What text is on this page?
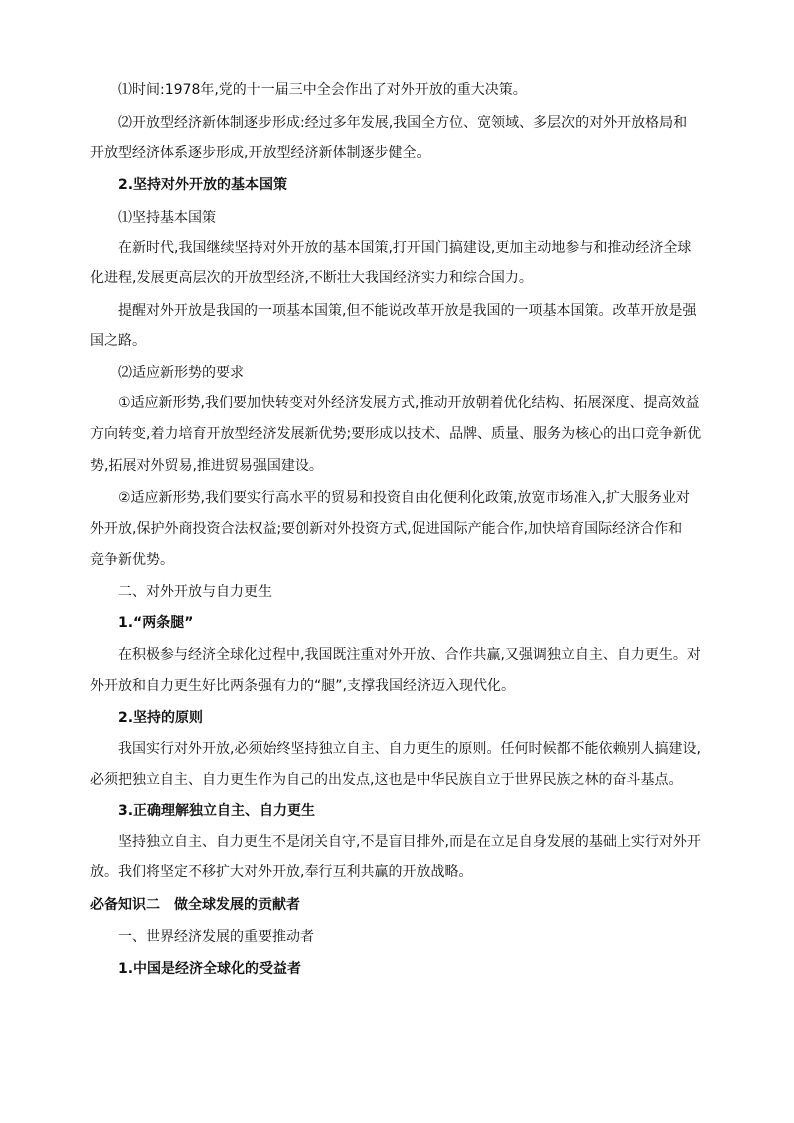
⑴时间:1978年,党的十一届三中全会作出了对外开放的重大决策。
⑵开放型经济新体制逐步形成:经过多年发展,我国全方位、宽领域、多层次的对外开放格局和
开放型经济体系逐步形成,开放型经济新体制逐步健全。
2.坚持对外开放的基本国策
⑴坚持基本国策
在新时代,我国继续坚持对外开放的基本国策,打开国门搞建设,更加主动地参与和推动经济全球
化进程,发展更高层次的开放型经济,不断壮大我国经济实力和综合国力。
提醒对外开放是我国的一项基本国策,但不能说改革开放是我国的一项基本国策。改革开放是强
国之路。
⑵适应新形势的要求
①适应新形势,我们要加快转变对外经济发展方式,推动开放朝着优化结构、拓展深度、提高效益
方向转变,着力培育开放型经济发展新优势;要形成以技术、品牌、质量、服务为核心的出口竞争新优
势,拓展对外贸易,推进贸易强国建设。
②适应新形势,我们要实行高水平的贸易和投资自由化便利化政策,放宽市场准入,扩大服务业对
外开放,保护外商投资合法权益;要创新对外投资方式,促进国际产能合作,加快培育国际经济合作和
竞争新优势。
二、对外开放与自力更生
1.“两条腿”
在积极参与经济全球化过程中,我国既注重对外开放、合作共赢,又强调独立自主、自力更生。对
外开放和自力更生好比两条强有力的“腿”,支撑我国经济迈入现代化。
2.坚持的原则
我国实行对外开放,必须始终坚持独立自主、自力更生的原则。任何时候都不能依赖别人搞建设,
必须把独立自主、自力更生作为自己的出发点,这也是中华民族自立于世界民族之林的奋斗基点。
3.正确理解独立自主、自力更生
坚持独立自主、自力更生不是闭关自守,不是盲目排外,而是在立足自身发展的基础上实行对外开
放。我们将坚定不移扩大对外开放,奉行互利共赢的开放战略。
必备知识二　做全球发展的贡献者
一、世界经济发展的重要推动者
1.中国是经济全球化的受益者
